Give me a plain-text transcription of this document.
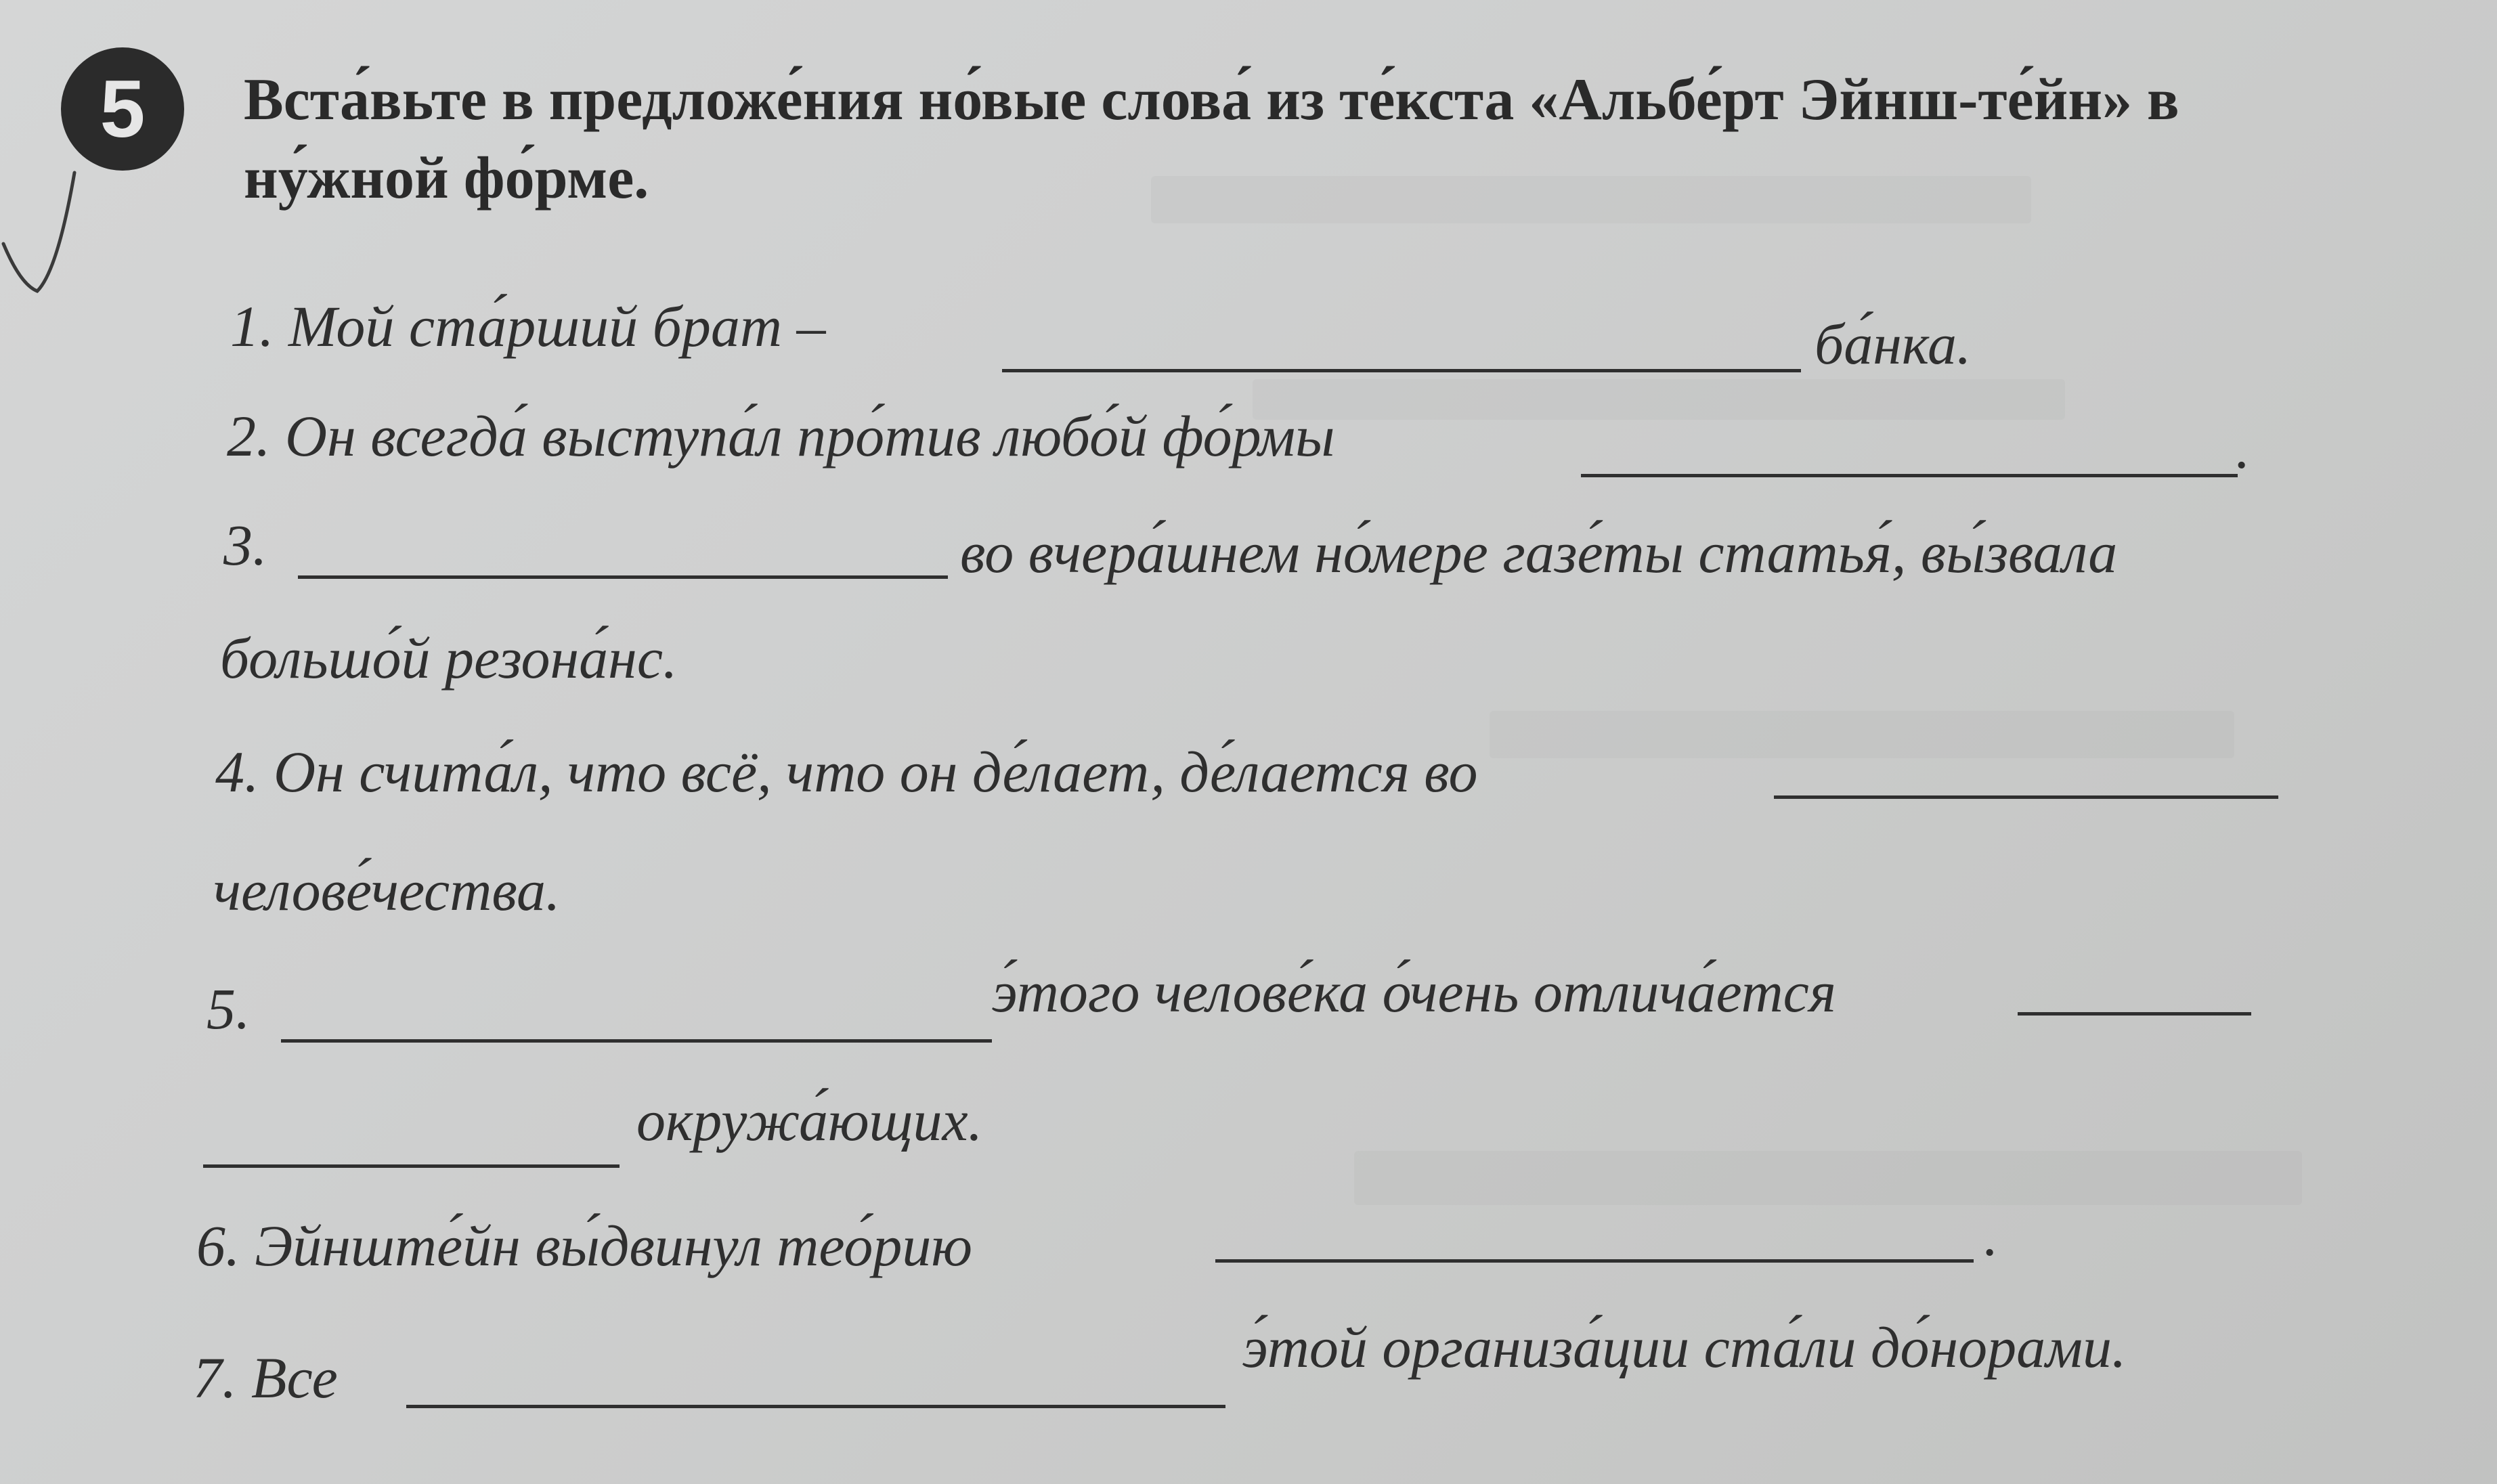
5	Вста́вьте в предложе́ния но́вые слова́ из те́кста «Альбе́рт Эйнш-те́йн» в ну́жной фо́рме.
1. Мой ста́рший брат –	ба́нка.
2. Он всегда́ выступа́л про́тив любо́й фо́рмы	.
3.	во вчера́шнем но́мере газе́ты статья́, вы́звала
большо́й резона́нс.
4. Он счита́л, что всё, что он де́лает, де́лается во
челове́чества.
5.	э́того челове́ка о́чень отлича́ется
окружа́ющих.
6. Эйнште́йн вы́двинул тео́рию	.
7. Все	э́той организа́ции ста́ли до́норами.
